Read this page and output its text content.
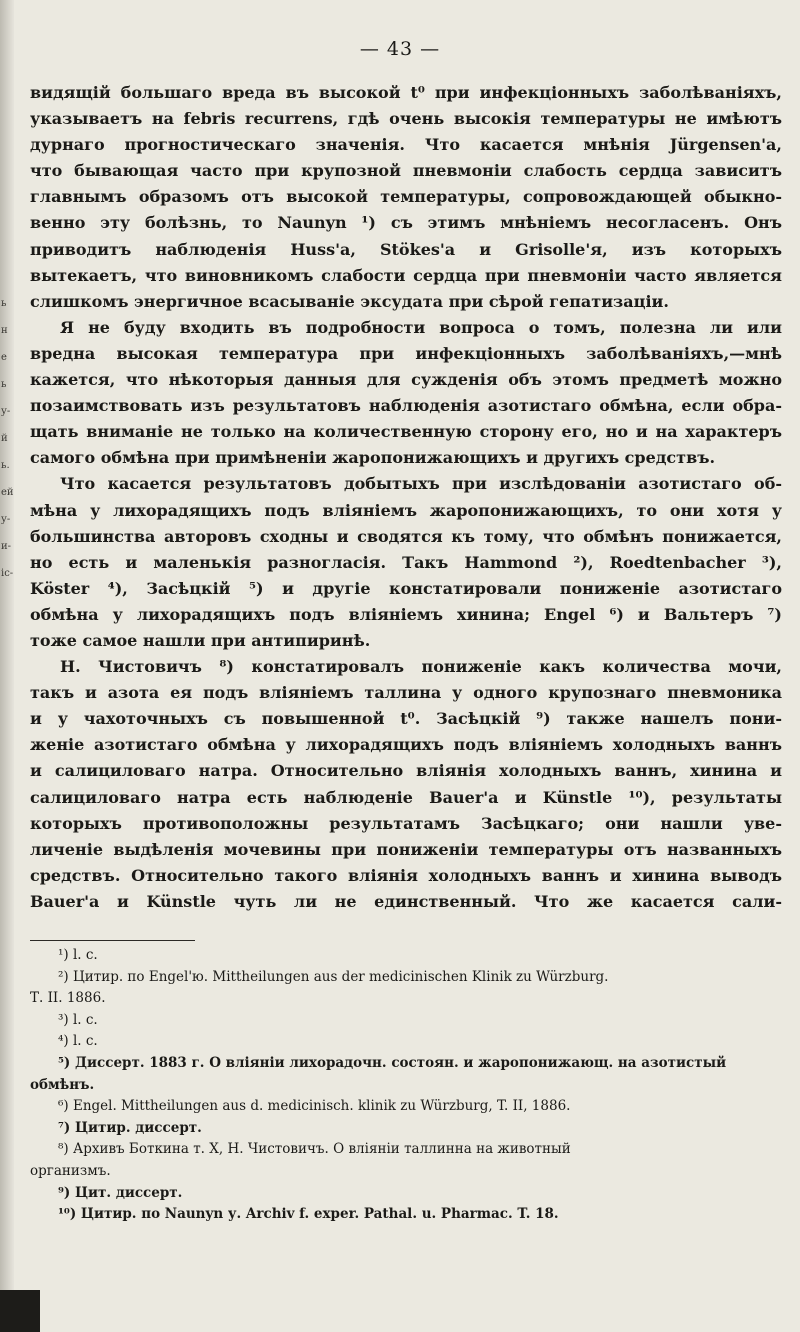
ь
н
е
ь
у-
й
ь.
ей
у-
и-
іс-

— 43 —

видящій большаго вреда въ высокой t⁰ при инфекціонныхъ заболѣваніяхъ,

указываетъ на febris recurrens, гдѣ очень высокія температуры не имѣютъ

дурнаго прогностическаго значенія. Что касается мнѣнія Jürgensen'a,

что бывающая часто при крупозной пневмоніи слабость сердца зависитъ

главнымъ образомъ отъ высокой температуры, сопровождающей обыкно-

венно эту болѣзнь, то Naunyn ¹) съ этимъ мнѣніемъ несогласенъ. Онъ

приводитъ наблюденія Huss'a, Stökes'a и Grisolle'я, изъ которыхъ

вытекаетъ, что виновникомъ слабости сердца при пневмоніи часто является

слишкомъ энергичное всасываніе эксудата при сѣрой гепатизаціи.

Я не буду входить въ подробности вопроса о томъ, полезна ли или

вредна высокая температура при инфекціонныхъ заболѣваніяхъ,—мнѣ

кажется, что нѣкоторыя данныя для сужденія объ этомъ предметѣ можно

позаимствовать изъ результатовъ наблюденія азотистаго обмѣна, если обра-

щать вниманіе не только на количественную сторону его, но и на характеръ

самого обмѣна при примѣненіи жаропонижающихъ и другихъ средствъ.

Что касается результатовъ добытыхъ при изслѣдованіи азотистаго об-

мѣна у лихорадящихъ подъ вліяніемъ жаропонижающихъ, то они хотя у

большинства авторовъ сходны и сводятся къ тому, что обмѣнъ понижается,

но есть и маленькія разногласія. Такъ Hammond ²), Roedtenbacher ³),

Köster ⁴), Засѣцкій ⁵) и другіе констатировали пониженіе азотистаго

обмѣна у лихорадящихъ подъ вліяніемъ хинина; Engel ⁶) и Вальтеръ ⁷)

тоже самое нашли при антипиринѣ.

Н. Чистовичъ ⁸) констатировалъ пониженіе какъ количества мочи,

такъ и азота ея подъ вліяніемъ таллина у одного крупознаго пневмоника

и у чахоточныхъ съ повышенной t⁰. Засѣцкій ⁹) также нашелъ пони-

женіе азотистаго обмѣна у лихорадящихъ подъ вліяніемъ холодныхъ ваннъ

и салициловаго натра. Относительно вліянія холодныхъ ваннъ, хинина и

салициловаго натра есть наблюденіе Bauer'a и Künstle ¹⁰), результаты

которыхъ противоположны результатамъ Засѣцкаго; они нашли уве-

личеніе выдѣленія мочевины при пониженіи температуры отъ названныхъ

средствъ. Относительно такого вліянія холодныхъ ваннъ и хинина выводъ

Bauer'a и Künstle чуть ли не единственный. Что же касается сали-

¹) l. c.

²) Цитир. по Engel'ю. Mittheilungen aus der medicinischen Klinik zu Würzburg.

Т. II. 1886.

³) l. c.

⁴) l. c.

⁵) Диссерт. 1883 г. О вліяніи лихорадочн. состоян. и жаропонижающ. на азотистый

обмѣнъ.

⁶) Engel. Mittheilungen aus d. medicinisch. klinik zu Würzburg, T. II, 1886.

⁷) Цитир. диссерт.

⁸) Архивъ Боткина т. X, Н. Чистовичъ. О вліяніи таллинна на животный

организмъ.

⁹) Цит. диссерт.

¹⁰) Цитир. по Naunyn у. Archiv f. exper. Pathal. u. Pharmac. T. 18.
